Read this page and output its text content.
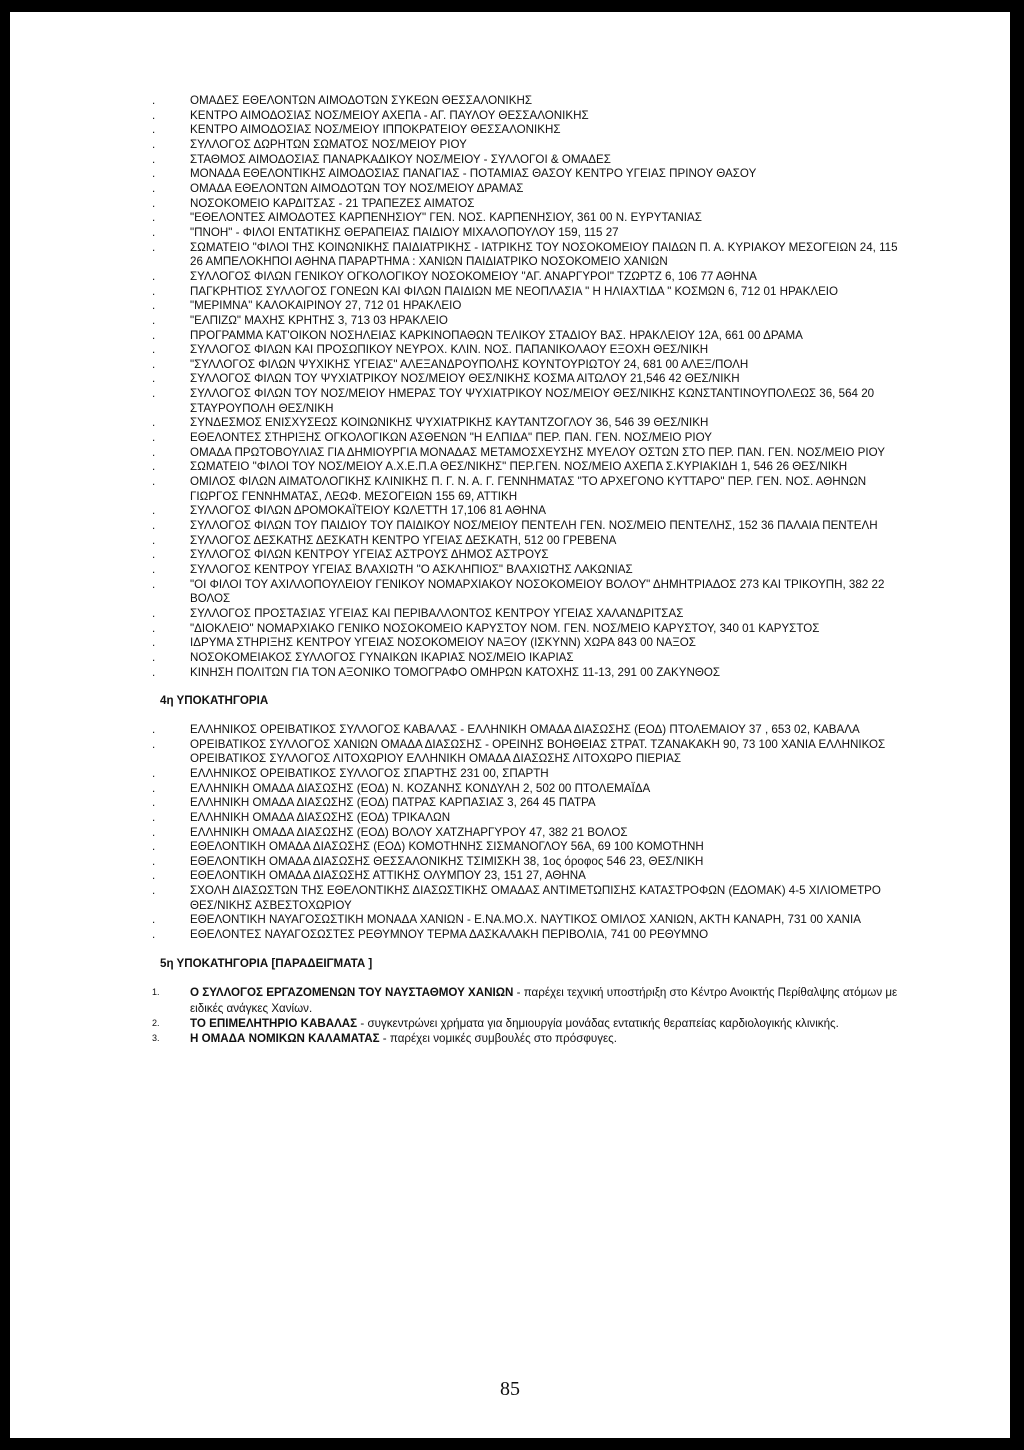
.	ΟΜΑΔΕΣ ΕΘΕΛΟΝΤΩΝ ΑΙΜΟΔΟΤΩΝ ΣΥΚΕΩΝ ΘΕΣΣΑΛΟΝΙΚΗΣ
.	ΚΕΝΤΡΟ ΑΙΜΟΔΟΣΙΑΣ ΝΟΣ/ΜΕΙΟΥ ΑΧΕΠΑ - ΑΓ. ΠΑΥΛΟΥ ΘΕΣΣΑΛΟΝΙΚΗΣ
.	ΚΕΝΤΡΟ ΑΙΜΟΔΟΣΙΑΣ ΝΟΣ/ΜΕΙΟΥ ΙΠΠΟΚΡΑΤΕΙΟΥ ΘΕΣΣΑΛΟΝΙΚΗΣ
.	ΣΥΛΛΟΓΟΣ ΔΩΡΗΤΩΝ ΣΩΜΑΤΟΣ ΝΟΣ/ΜΕΙΟΥ ΡΙΟΥ
.	ΣΤΑΘΜΟΣ ΑΙΜΟΔΟΣΙΑΣ ΠΑΝΑΡΚΑΔΙΚΟΥ ΝΟΣ/ΜΕΙΟΥ - ΣΥΛΛΟΓΟΙ & ΟΜΑΔΕΣ
.	ΜΟΝΑΔΑ ΕΘΕΛΟΝΤΙΚΗΣ ΑΙΜΟΔΟΣΙΑΣ ΠΑΝΑΓΙΑΣ - ΠΟΤΑΜΙΑΣ ΘΑΣΟΥ ΚΕΝΤΡΟ ΥΓΕΙΑΣ ΠΡΙΝΟΥ ΘΑΣΟΥ
.	ΟΜΑΔΑ ΕΘΕΛΟΝΤΩΝ ΑΙΜΟΔΟΤΩΝ ΤΟΥ ΝΟΣ/ΜΕΙΟΥ ΔΡΑΜΑΣ
.	ΝΟΣΟΚΟΜΕΙΟ ΚΑΡΔΙΤΣΑΣ - 21 ΤΡΑΠΕΖΕΣ ΑΙΜΑΤΟΣ
.	"ΕΘΕΛΟΝΤΕΣ ΑΙΜΟΔΟΤΕΣ ΚΑΡΠΕΝΗΣΙΟΥ" ΓΕΝ. ΝΟΣ. ΚΑΡΠΕΝΗΣΙΟΥ, 361 00 Ν. ΕΥΡΥΤΑΝΙΑΣ
.	"ΠΝΟΗ" - ΦΙΛΟΙ ΕΝΤΑΤΙΚΗΣ ΘΕΡΑΠΕΙΑΣ ΠΑΙΔΙΟΥ ΜΙΧΑΛΟΠΟΥΛΟΥ 159, 115 27
.	ΣΩΜΑΤΕΙΟ "ΦΙΛΟΙ ΤΗΣ ΚΟΙΝΩΝΙΚΗΣ ΠΑΙΔΙΑΤΡΙΚΗΣ - ΙΑΤΡΙΚΗΣ ΤΟΥ ΝΟΣΟΚΟΜΕΙΟΥ ΠΑΙΔΩΝ Π. Α. ΚΥΡΙΑΚΟΥ ΜΕΣΟΓΕΙΩΝ 24, 115 26 ΑΜΠΕΛΟΚΗΠΟΙ ΑΘΗΝΑ ΠΑΡΑΡΤΗΜΑ : ΧΑΝΙΩΝ ΠΑΙΔΙΑΤΡΙΚΟ ΝΟΣΟΚΟΜΕΙΟ ΧΑΝΙΩΝ
.	ΣΥΛΛΟΓΟΣ ΦΙΛΩΝ ΓΕΝΙΚΟΥ ΟΓΚΟΛΟΓΙΚΟΥ ΝΟΣΟΚΟΜΕΙΟΥ "ΑΓ. ΑΝΑΡΓΥΡΟΙ" ΤΖΩΡΤΖ 6, 106 77 ΑΘΗΝΑ
.	ΠΑΓΚΡΗΤΙΟΣ ΣΥΛΛΟΓΟΣ ΓΟΝΕΩΝ ΚΑΙ ΦΙΛΩΝ ΠΑΙΔΙΩΝ ΜΕ ΝΕΟΠΛΑΣΙΑ " Η ΗΛΙΑΧΤΙΔΑ " ΚΟΣΜΩΝ 6, 712 01 ΗΡΑΚΛΕΙΟ
.	"ΜΕΡΙΜΝΑ" ΚΑΛΟΚΑΙΡΙΝΟΥ 27, 712 01 ΗΡΑΚΛΕΙΟ
.	"ΕΛΠΙΖΩ" ΜΑΧΗΣ ΚΡΗΤΗΣ 3, 713 03 ΗΡΑΚΛΕΙΟ
.	ΠΡΟΓΡΑΜΜΑ ΚΑΤ'ΟΙΚΟΝ ΝΟΣΗΛΕΙΑΣ ΚΑΡΚΙΝΟΠΑΘΩΝ ΤΕΛΙΚΟΥ ΣΤΑΔΙΟΥ ΒΑΣ. ΗΡΑΚΛΕΙΟΥ 12Α, 661 00 ΔΡΑΜΑ
.	ΣΥΛΛΟΓΟΣ ΦΙΛΩΝ ΚΑΙ ΠΡΟΣΩΠΙΚΟΥ ΝΕΥΡΟΧ. ΚΛΙΝ. ΝΟΣ. ΠΑΠΑΝΙΚΟΛΑΟΥ ΕΞΟΧΗ ΘΕΣ/ΝΙΚΗ
.	"ΣΥΛΛΟΓΟΣ ΦΙΛΩΝ ΨΥΧΙΚΗΣ ΥΓΕΙΑΣ" ΑΛΕΞΑΝΔΡΟΥΠΟΛΗΣ ΚΟΥΝΤΟΥΡΙΩΤΟΥ 24, 681 00 ΑΛΕΞ/ΠΟΛΗ
.	ΣΥΛΛΟΓΟΣ ΦΙΛΩΝ ΤΟΥ ΨΥΧΙΑΤΡΙΚΟΥ ΝΟΣ/ΜΕΙΟΥ ΘΕΣ/ΝΙΚΗΣ ΚΟΣΜΑ ΑΙΤΩΛΟΥ 21,546 42 ΘΕΣ/ΝΙΚΗ
.	ΣΥΛΛΟΓΟΣ ΦΙΛΩΝ ΤΟΥ ΝΟΣ/ΜΕΙΟΥ ΗΜΕΡΑΣ ΤΟΥ ΨΥΧΙΑΤΡΙΚΟΥ ΝΟΣ/ΜΕΙΟΥ ΘΕΣ/ΝΙΚΗΣ ΚΩΝΣΤΑΝΤΙΝΟΥΠΟΛΕΩΣ 36, 564 20 ΣΤΑΥΡΟΥΠΟΛΗ ΘΕΣ/ΝΙΚΗ
.	ΣΥΝΔΕΣΜΟΣ ΕΝΙΣΧΥΣΕΩΣ ΚΟΙΝΩΝΙΚΗΣ ΨΥΧΙΑΤΡΙΚΗΣ ΚΑΥΤΑΝΤΖΟΓΛΟΥ 36, 546 39 ΘΕΣ/ΝΙΚΗ
.	ΕΘΕΛΟΝΤΕΣ ΣΤΗΡΙΞΗΣ ΟΓΚΟΛΟΓΙΚΩΝ ΑΣΘΕΝΩΝ "Η ΕΛΠΙΔΑ" ΠΕΡ. ΠΑΝ. ΓΕΝ. ΝΟΣ/ΜΕΙΟ ΡΙΟΥ
.	ΟΜΑΔΑ ΠΡΩΤΟΒΟΥΛΙΑΣ ΓΙΑ ΔΗΜΙΟΥΡΓΙΑ ΜΟΝΑΔΑΣ ΜΕΤΑΜΟΣΧΕΥΣΗΣ ΜΥΕΛΟΥ ΟΣΤΩΝ ΣΤΟ ΠΕΡ. ΠΑΝ. ΓΕΝ. ΝΟΣ/ΜΕΙΟ ΡΙΟΥ
.	ΣΩΜΑΤΕΙΟ "ΦΙΛΟΙ ΤΟΥ ΝΟΣ/ΜΕΙΟΥ Α.Χ.Ε.Π.Α ΘΕΣ/ΝΙΚΗΣ" ΠΕΡ.ΓΕΝ. ΝΟΣ/ΜΕΙΟ ΑΧΕΠΑ Σ.ΚΥΡΙΑΚΙΔΗ 1, 546 26 ΘΕΣ/ΝΙΚΗ
.	ΟΜΙΛΟΣ ΦΙΛΩΝ ΑΙΜΑΤΟΛΟΓΙΚΗΣ ΚΛΙΝΙΚΗΣ Π. Γ. Ν. Α. Γ. ΓΕΝΝΗΜΑΤΑΣ "ΤΟ ΑΡΧΕΓΟΝΟ ΚΥΤΤΑΡΟ" ΠΕΡ. ΓΕΝ. ΝΟΣ. ΑΘΗΝΩΝ ΓΙΩΡΓΟΣ ΓΕΝΝΗΜΑΤΑΣ, ΛΕΩΦ. ΜΕΣΟΓΕΙΩΝ 155 69, ΑΤΤΙΚΗ
.	ΣΥΛΛΟΓΟΣ ΦΙΛΩΝ ΔΡΟΜΟΚΑΪΤΕΙΟΥ ΚΩΛΕΤΤΗ 17,106 81 ΑΘΗΝΑ
.	ΣΥΛΛΟΓΟΣ ΦΙΛΩΝ ΤΟΥ ΠΑΙΔΙΟΥ ΤΟΥ ΠΑΙΔΙΚΟΥ ΝΟΣ/ΜΕΙΟΥ ΠΕΝΤΕΛΗ ΓΕΝ. ΝΟΣ/ΜΕΙΟ ΠΕΝΤΕΛΗΣ, 152 36 ΠΑΛΑΙΑ ΠΕΝΤΕΛΗ
.	ΣΥΛΛΟΓΟΣ ΔΕΣΚΑΤΗΣ ΔΕΣΚΑΤΗ ΚΕΝΤΡΟ ΥΓΕΙΑΣ ΔΕΣΚΑΤΗ, 512 00 ΓΡΕΒΕΝΑ
.	ΣΥΛΛΟΓΟΣ ΦΙΛΩΝ ΚΕΝΤΡΟΥ ΥΓΕΙΑΣ ΑΣΤΡΟΥΣ ΔΗΜΟΣ ΑΣΤΡΟΥΣ
.	ΣΥΛΛΟΓΟΣ ΚΕΝΤΡΟΥ ΥΓΕΙΑΣ ΒΛΑΧΙΩΤΗ "Ο ΑΣΚΛΗΠΙΟΣ" ΒΛΑΧΙΩΤΗΣ ΛΑΚΩΝΙΑΣ
.	"ΟΙ ΦΙΛΟΙ ΤΟΥ ΑΧΙΛΛΟΠΟΥΛΕΙΟΥ ΓΕΝΙΚΟΥ ΝΟΜΑΡΧΙΑΚΟΥ ΝΟΣΟΚΟΜΕΙΟΥ ΒΟΛΟΥ" ΔΗΜΗΤΡΙΑΔΟΣ 273 ΚΑΙ ΤΡΙΚΟΥΠΗ, 382 22 ΒΟΛΟΣ
.	ΣΥΛΛΟΓΟΣ ΠΡΟΣΤΑΣΙΑΣ ΥΓΕΙΑΣ ΚΑΙ ΠΕΡΙΒΑΛΛΟΝΤΟΣ ΚΕΝΤΡΟΥ ΥΓΕΙΑΣ ΧΑΛΑΝΔΡΙΤΣΑΣ
.	"ΔΙΟΚΛΕΙΟ" ΝΟΜΑΡΧΙΑΚΟ ΓΕΝΙΚΟ ΝΟΣΟΚΟΜΕΙΟ ΚΑΡΥΣΤΟΥ ΝΟΜ. ΓΕΝ. ΝΟΣ/ΜΕΙΟ ΚΑΡΥΣΤΟΥ, 340 01 ΚΑΡΥΣΤΟΣ
.	ΙΔΡΥΜΑ ΣΤΗΡΙΞΗΣ ΚΕΝΤΡΟΥ ΥΓΕΙΑΣ ΝΟΣΟΚΟΜΕΙΟΥ ΝΑΞΟΥ (ΙΣΚΥΝΝ) ΧΩΡΑ 843 00 ΝΑΞΟΣ
.	ΝΟΣΟΚΟΜΕΙΑΚΟΣ ΣΥΛΛΟΓΟΣ ΓΥΝΑΙΚΩΝ ΙΚΑΡΙΑΣ ΝΟΣ/ΜΕΙΟ ΙΚΑΡΙΑΣ
.	ΚΙΝΗΣΗ ΠΟΛΙΤΩΝ ΓΙΑ ΤΟΝ ΑΞΟΝΙΚΟ ΤΟΜΟΓΡΑΦΟ ΟΜΗΡΩΝ ΚΑΤΟΧΗΣ 11-13, 291 00 ΖΑΚΥΝΘΟΣ
4η ΥΠΟΚΑΤΗΓΟΡΙΑ
.	ΕΛΛΗΝΙΚΟΣ ΟΡΕΙΒΑΤΙΚΟΣ ΣΥΛΛΟΓΟΣ ΚΑΒΑΛΑΣ - ΕΛΛΗΝΙΚΗ ΟΜΑΔΑ ΔΙΑΣΩΣΗΣ (ΕΟΔ) ΠΤΟΛΕΜΑΙΟΥ 37 , 653 02, ΚΑΒΑΛΑ
.	ΟΡΕΙΒΑΤΙΚΟΣ ΣΥΛΛΟΓΟΣ ΧΑΝΙΩΝ ΟΜΑΔΑ ΔΙΑΣΩΣΗΣ - ΟΡΕΙΝΗΣ ΒΟΗΘΕΙΑΣ ΣΤΡΑΤ. ΤΖΑΝΑΚΑΚΗ 90, 73 100 ΧΑΝΙΑ ΕΛΛΗΝΙΚΟΣ ΟΡΕΙΒΑΤΙΚΟΣ ΣΥΛΛΟΓΟΣ ΛΙΤΟΧΩΡΙΟΥ ΕΛΛΗΝΙΚΗ ΟΜΑΔΑ ΔΙΑΣΩΣΗΣ ΛΙΤΟΧΩΡΟ ΠΙΕΡΙΑΣ
.	ΕΛΛΗΝΙΚΟΣ ΟΡΕΙΒΑΤΙΚΟΣ ΣΥΛΛΟΓΟΣ ΣΠΑΡΤΗΣ 231 00, ΣΠΑΡΤΗ
.	ΕΛΛΗΝΙΚΗ ΟΜΑΔΑ ΔΙΑΣΩΣΗΣ (ΕΟΔ) Ν. ΚΟΖΑΝΗΣ ΚΟΝΔΥΛΗ 2, 502 00 ΠΤΟΛΕΜΑΪΔΑ
.	ΕΛΛΗΝΙΚΗ ΟΜΑΔΑ ΔΙΑΣΩΣΗΣ (ΕΟΔ) ΠΑΤΡΑΣ ΚΑΡΠΑΣΙΑΣ 3, 264 45 ΠΑΤΡΑ
.	ΕΛΛΗΝΙΚΗ ΟΜΑΔΑ ΔΙΑΣΩΣΗΣ (ΕΟΔ) ΤΡΙΚΑΛΩΝ
.	ΕΛΛΗΝΙΚΗ ΟΜΑΔΑ ΔΙΑΣΩΣΗΣ (ΕΟΔ) ΒΟΛΟΥ ΧΑΤΖΗΑΡΓΥΡΟΥ 47, 382 21 ΒΟΛΟΣ
.	ΕΘΕΛΟΝΤΙΚΗ ΟΜΑΔΑ ΔΙΑΣΩΣΗΣ (ΕΟΔ) ΚΟΜΟΤΗΝΗΣ ΣΙΣΜΑΝΟΓΛΟΥ 56Α, 69 100 ΚΟΜΟΤΗΝΗ
.	ΕΘΕΛΟΝΤΙΚΗ ΟΜΑΔΑ ΔΙΑΣΩΣΗΣ ΘΕΣΣΑΛΟΝΙΚΗΣ ΤΣΙΜΙΣΚΗ 38, 1ος όροφος 546 23, ΘΕΣ/ΝΙΚΗ
.	ΕΘΕΛΟΝΤΙΚΗ ΟΜΑΔΑ ΔΙΑΣΩΣΗΣ ΑΤΤΙΚΗΣ ΟΛΥΜΠΟΥ 23, 151 27, ΑΘΗΝΑ
.	ΣΧΟΛΗ ΔΙΑΣΩΣΤΩΝ ΤΗΣ ΕΘΕΛΟΝΤΙΚΗΣ ΔΙΑΣΩΣΤΙΚΗΣ ΟΜΑΔΑΣ ΑΝΤΙΜΕΤΩΠΙΣΗΣ ΚΑΤΑΣΤΡΟΦΩΝ (ΕΔΟΜΑΚ) 4-5 ΧΙΛΙΟΜΕΤΡΟ ΘΕΣ/ΝΙΚΗΣ ΑΣΒΕΣΤΟΧΩΡΙΟΥ
.	ΕΘΕΛΟΝΤΙΚΗ ΝΑΥΑΓΟΣΩΣΤΙΚΗ ΜΟΝΑΔΑ ΧΑΝΙΩΝ - Ε.ΝΑ.ΜΟ.Χ. ΝΑΥΤΙΚΟΣ ΟΜΙΛΟΣ ΧΑΝΙΩΝ, ΑΚΤΗ ΚΑΝΑΡΗ, 731 00 ΧΑΝΙΑ
.	ΕΘΕΛΟΝΤΕΣ ΝΑΥΑΓΟΣΩΣΤΕΣ ΡΕΘΥΜΝΟΥ ΤΕΡΜΑ ΔΑΣΚΑΛΑΚΗ ΠΕΡΙΒΟΛΙΑ, 741 00 ΡΕΘΥΜΝΟ
5η ΥΠΟΚΑΤΗΓΟΡΙΑ [ΠΑΡΑΔΕΙΓΜΑΤΑ ]
1.	Ο ΣΥΛΛΟΓΟΣ ΕΡΓΑΖΟΜΕΝΩΝ ΤΟΥ ΝΑΥΣΤΑΘΜΟΥ ΧΑΝΙΩΝ - παρέχει τεχνική υποστήριξη στο Κέντρο Ανοικτής Περίθαλψης ατόμων με ειδικές ανάγκες Χανίων.
2.	ΤΟ ΕΠΙΜΕΛΗΤΗΡΙΟ ΚΑΒΑΛΑΣ - συγκεντρώνει χρήματα για δημιουργία μονάδας εντατικής θεραπείας καρδιολογικής κλινικής.
3.	Η ΟΜΑΔΑ ΝΟΜΙΚΩΝ ΚΑΛΑΜΑΤΑΣ - παρέχει νομικές συμβουλές στο πρόσφυγες.
85
